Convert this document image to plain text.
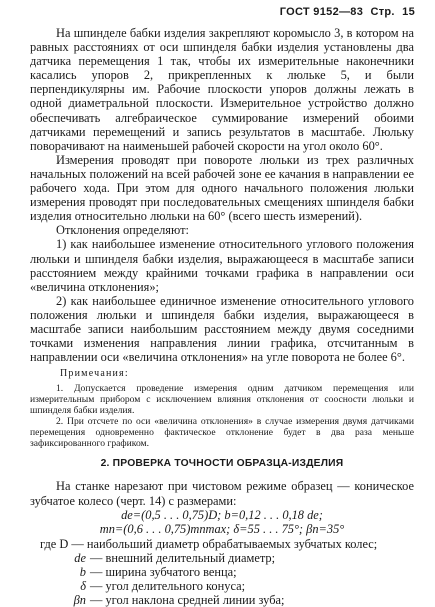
ГОСТ 9152—83 Стр. 15

На шпинделе бабки изделия закрепляют коромысло 3, в котором на равных расстояниях от оси шпинделя бабки изделия установлены два датчика перемещения 1 так, чтобы их измерительные наконечники касались упоров 2, прикрепленных к люльке 5, и были перпендикулярны им. Рабочие плоскости упоров должны лежать в одной диаметральной плоскости. Измерительное устройство должно обеспечивать алгебраическое суммирование измерений обоими датчиками перемещений и запись результатов в масштабе. Люльку поворачивают на наименьшей рабочей скорости на угол около 60°.

Измерения проводят при повороте люльки из трех различных начальных положений на всей рабочей зоне ее качания в направлении ее рабочего хода. При этом для одного начального положения люльки измерения проводят при последовательных смещениях шпинделя бабки изделия относительно люльки на 60° (всего шесть измерений).

Отклонения определяют:

1) как наибольшее изменение относительного углового положения люльки и шпинделя бабки изделия, выражающееся в масштабе записи расстоянием между крайними точками графика в направлении оси «величина отклонения»;

2) как наибольшее единичное изменение относительного углового положения люльки и шпинделя бабки изделия, выражающееся в масштабе записи наибольшим расстоянием между двумя соседними точками изменения направления линии графика, отсчитанным в направлении оси «величина отклонения» на угле поворота не более 6°.

Примечания:

1. Допускается проведение измерения одним датчиком перемещения или измерительным прибором с исключением влияния отклонения от соосности люльки и шпинделя бабки изделия.

2. При отсчете по оси «величина отклонения» в случае измерения двумя датчиками перемещения одновременно фактическое отклонение будет в два раза меньше зафиксированного графиком.

2. ПРОВЕРКА ТОЧНОСТИ ОБРАЗЦА-ИЗДЕЛИЯ

На станке нарезают при чистовом режиме образец — коническое зубчатое колесо (черт. 14) с размерами:

de=(0,5 . . . 0,75)D; b=0,12 . . . 0,18 de;
mn=(0,6 . . . 0,75)mnmax; δ=55 . . . 75°; βn=35°

где D — наибольший диаметр обрабатываемых зубчатых колес;

de — внешний делительный диаметр;

b — ширина зубчатого венца;

δ — угол делительного конуса;

βn — угол наклона средней линии зуба;
